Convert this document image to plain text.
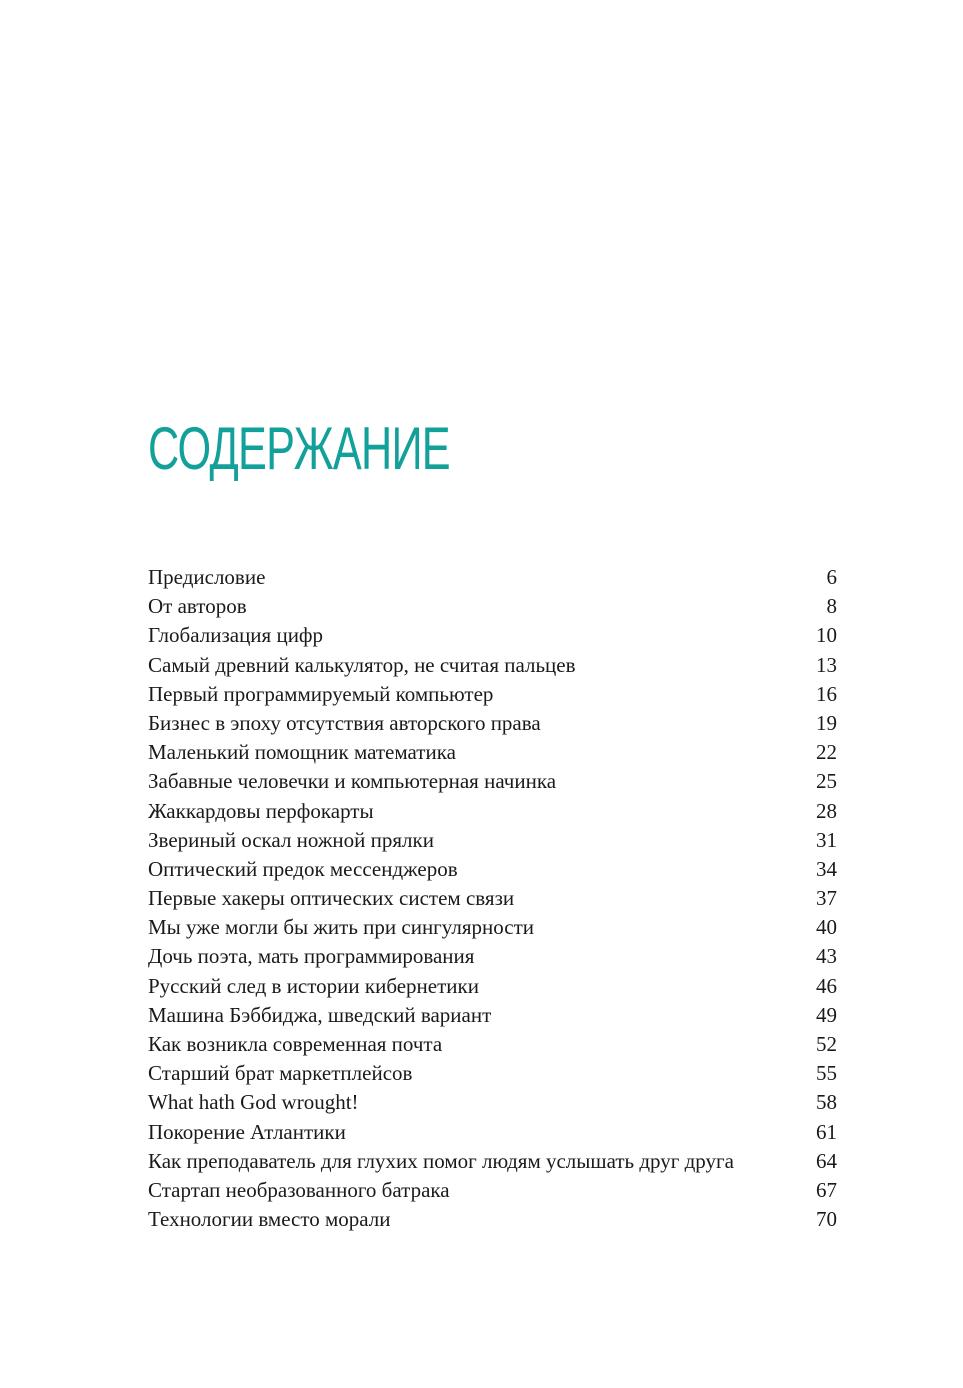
СОДЕРЖАНИЕ
Предисловие	6
От авторов	8
Глобализация цифр	10
Самый древний калькулятор, не считая пальцев	13
Первый программируемый компьютер	16
Бизнес в эпоху отсутствия авторского права	19
Маленький помощник математика	22
Забавные человечки и компьютерная начинка	25
Жаккардовы перфокарты	28
Звериный оскал ножной прялки	31
Оптический предок мессенджеров	34
Первые хакеры оптических систем связи	37
Мы уже могли бы жить при сингулярности	40
Дочь поэта, мать программирования	43
Русский след в истории кибернетики	46
Машина Бэббиджа, шведский вариант	49
Как возникла современная почта	52
Старший брат маркетплейсов	55
What hath God wrought!	58
Покорение Атлантики	61
Как преподаватель для глухих помог людям услышать друг друга	64
Стартап необразованного батрака	67
Технологии вместо морали	70
